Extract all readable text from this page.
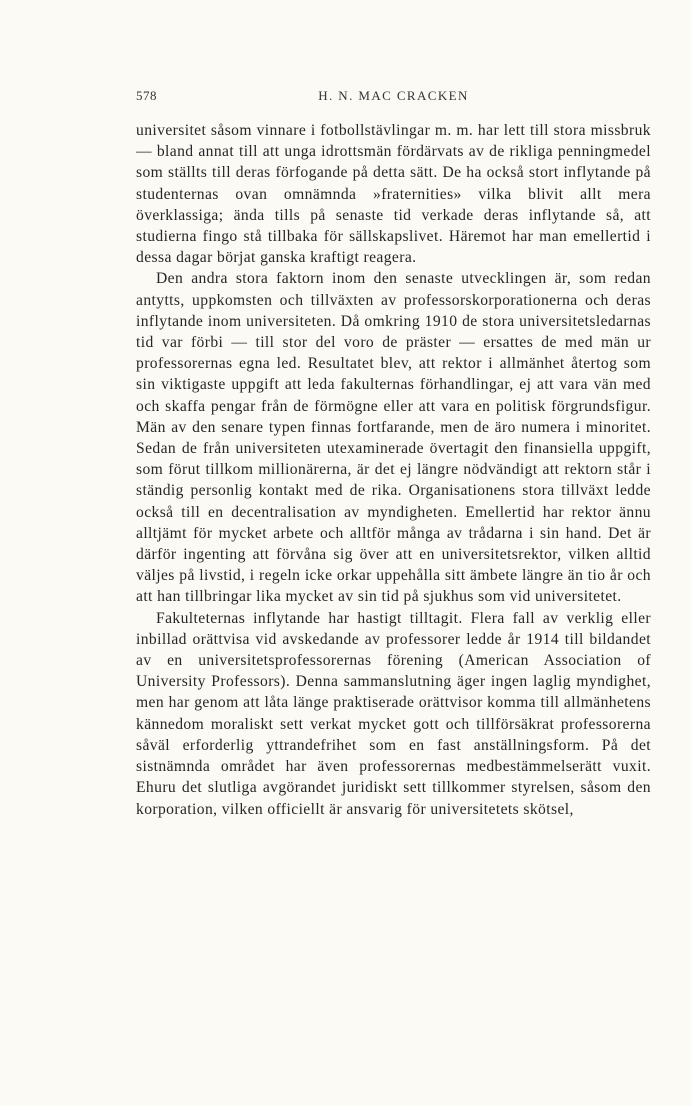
578	H. N. MAC CRACKEN

universitet såsom vinnare i fotbollstävlingar m. m. har lett till stora missbruk — bland annat till att unga idrottsmän fördärvats av de rikliga penningmedel som ställts till deras förfogande på detta sätt. De ha också stort inflytande på studenternas ovan omnämnda »fraternities» vilka blivit allt mera överklassiga; ända tills på senaste tid verkade deras inflytande så, att studierna fingo stå tillbaka för sällskapslivet. Häremot har man emellertid i dessa dagar börjat ganska kraftigt reagera.

Den andra stora faktorn inom den senaste utvecklingen är, som redan antytts, uppkomsten och tillväxten av professorskorporationerna och deras inflytande inom universiteten. Då omkring 1910 de stora universitetsledarnas tid var förbi — till stor del voro de präster — ersattes de med män ur professorernas egna led. Resultatet blev, att rektor i allmänhet återtog som sin viktigaste uppgift att leda fakulternas förhandlingar, ej att vara vän med och skaffa pengar från de förmögne eller att vara en politisk förgrundsfigur. Män av den senare typen finnas fortfarande, men de äro numera i minoritet. Sedan de från universiteten utexaminerade övertagit den finansiella uppgift, som förut tillkom millionärerna, är det ej längre nödvändigt att rektorn står i ständig personlig kontakt med de rika. Organisationens stora tillväxt ledde också till en decentralisation av myndigheten. Emellertid har rektor ännu alltjämt för mycket arbete och alltför många av trådarna i sin hand. Det är därför ingenting att förvåna sig över att en universitetsrektor, vilken alltid väljes på livstid, i regeln icke orkar uppehålla sitt ämbete längre än tio år och att han tillbringar lika mycket av sin tid på sjukhus som vid universitetet.

Fakulteternas inflytande har hastigt tilltagit. Flera fall av verklig eller inbillad orättvisa vid avskedande av professorer ledde år 1914 till bildandet av en universitetsprofessorernas förening (American Association of University Professors). Denna sammanslutning äger ingen laglig myndighet, men har genom att låta länge praktiserade orättvisor komma till allmänhetens kännedom moraliskt sett verkat mycket gott och tillförsäkrat professorerna såväl erforderlig yttrandefrihet som en fast anställningsform. På det sistnämnda området har även professorernas medbestämmelserätt vuxit. Ehuru det slutliga avgörandet juridiskt sett tillkommer styrelsen, såsom den korporation, vilken officiellt är ansvarig för universitetets skötsel,
